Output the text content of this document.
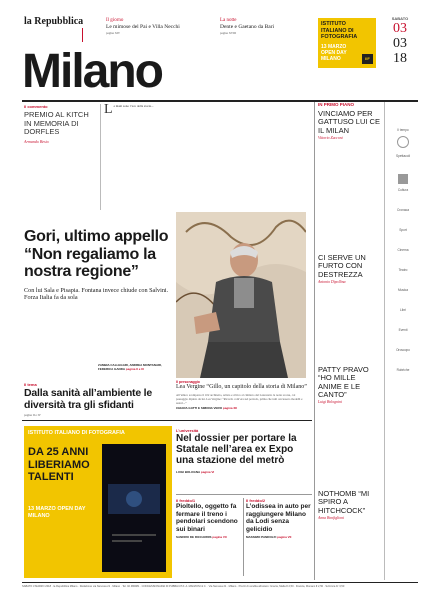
la Repubblica	Il giorno
Le mimose del Pai e Villa Necchi
pagina XIV
La notte
Dente e Gaetano da Bari
pagina XVIII
Milano
ISTITUTO ITALIANO DI FOTOGRAFIA
13 MARZO OPEN DAY MILANO	IIF
SABATO
03
03
18
Il commento
PREMIO AL KITCH IN MEMORIA DI DORFLES
Armando Besio
Le mani sono l’eco della storia...
Gori, ultimo appello “Non regaliamo la nostra regione”
Con lui Sala e Pisapia. Fontana invece chiude con Salvini. Forza Italia fa da sola
ZAMBIA CALLEGARI, ANDREA MONTANARI, FEDERICA GANDA pagina II e III
Il personaggio
Lea Vergine “Gillo, un capitolo della storia di Milano”
All’amico scomparso il 102 architetto, artista e critico al cimitero del Lazzaretto la notte scorsa, col paesaggio dipinto da lui. Lea Vergine: “Ricordo com’era nel periodo, prima che tutti cercassero modelli e autori...”
CHIARA GATTI E SIMONA VERO pagina XII
Il tema
Dalla sanità all’ambiente le diversità tra gli sfidanti
pagina II e IV
ISTITUTO ITALIANO DI FOTOGRAFIA
DA 25 ANNI LIBERIAMO TALENTI
13 MARZO OPEN DAY MILANO
L’università
Nel dossier per portare la Statale nell’area ex Expo una stazione del metrò
LUIGI BOLOGNA pagina VI
Il freddo/1
Pioltello, oggetto fa fermare il treno i pendolari scendono sui binari
SANDRO DE RICCARDIS pagina VII
Il freddo/2
L’odissea in auto per raggiungere Milano da Lodi senza gelicidio
MASSIMO PANDOLFI pagina VII
IN PRIMO PIANO
VINCIAMO PER GATTUSO LUI CE IL MILAN
Vittorio Zucconi
CI SERVE UN FURTO CON DESTREZZA
Antonio Dipollina
PATTY PRAVO “HO MILLE ANIME E LE CANTO”
Luigi Bolognini
NOTHOMB “MI SPIRO A HITCHCOCK”
Anna Bonfiglioni
Il tempo
Spettacoli
Cultura
Cronaca
Sport
Cinema
Teatro
Musica
Libri
Eventi
Oroscopo
Rubriche
SABATO 3 MARZO 2018 · la Repubblica Milano · Redazione via Nervesa 21 · Milano · Tel. 02 480981 · CONCESSIONARIA DI PUBBLICITÀ: A. MANZONI & C. · Via Nervesa 21 · Milano · Prezzi di vendita all’estero: Grecia, Malta € 2,50 · Francia, Monaco € 2,50 · Svizzera Fr 3,50
